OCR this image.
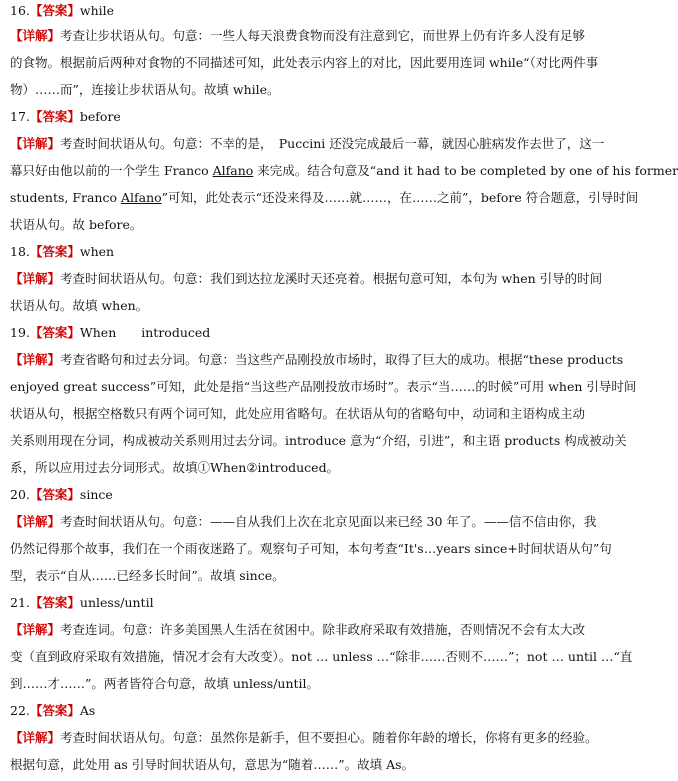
16.【答案】while
【详解】考查让步状语从句。句意：一些人每天浪费食物而没有注意到它，而世界上仍有许多人没有足够
的食物。根据前后两种对食物的不同描述可知，此处表示内容上的对比，因此要用连词 while“（对比两件事
物）……而”，连接让步状语从句。故填 while。
17.【答案】before
【详解】考查时间状语从句。句意：不幸的是，　Puccini 还没完成最后一幕，就因心脏病发作去世了，这一
幕只好由他以前的一个学生 Franco Alfano 来完成。结合句意及“and it had to be completed by one of his former
students, Franco Alfano”可知，此处表示“还没来得及……就……，在……之前”，before 符合题意，引导时间
状语从句。故 before。
18.【答案】when
【详解】考查时间状语从句。句意：我们到达拉龙溪时天还亮着。根据句意可知，本句为 when 引导的时间
状语从句。故填 when。
19.【答案】When　　introduced
【详解】考查省略句和过去分词。句意：当这些产品刚投放市场时，取得了巨大的成功。根据“these products
enjoyed great success”可知，此处是指“当这些产品刚投放市场时”。表示“当……的时候”可用 when 引导时间
状语从句，根据空格数只有两个词可知，此处应用省略句。在状语从句的省略句中，动词和主语构成主动
关系则用现在分词，构成被动关系则用过去分词。introduce 意为“介绍，引进”，和主语 products 构成被动关
系，所以应用过去分词形式。故填①When②introduced。
20.【答案】since
【详解】考查时间状语从句。句意：——自从我们上次在北京见面以来已经 30 年了。——信不信由你，我
仍然记得那个故事，我们在一个雨夜迷路了。观察句子可知，本句考查“It's…years since+时间状语从句”句
型，表示“自从……已经多长时间”。故填 since。
21.【答案】unless/until
【详解】考查连词。句意：许多美国黑人生活在贫困中。除非政府采取有效措施，否则情况不会有太大改
变（直到政府采取有效措施，情况才会有大改变）。not … unless …“除非……否则不……”；not … until …“直
到……才……”。两者皆符合句意，故填 unless/until。
22.【答案】As
【详解】考查时间状语从句。句意：虽然你是新手，但不要担心。随着你年龄的增长，你将有更多的经验。
根据句意，此处用 as 引导时间状语从句，意思为“随着……”。故填 As。
